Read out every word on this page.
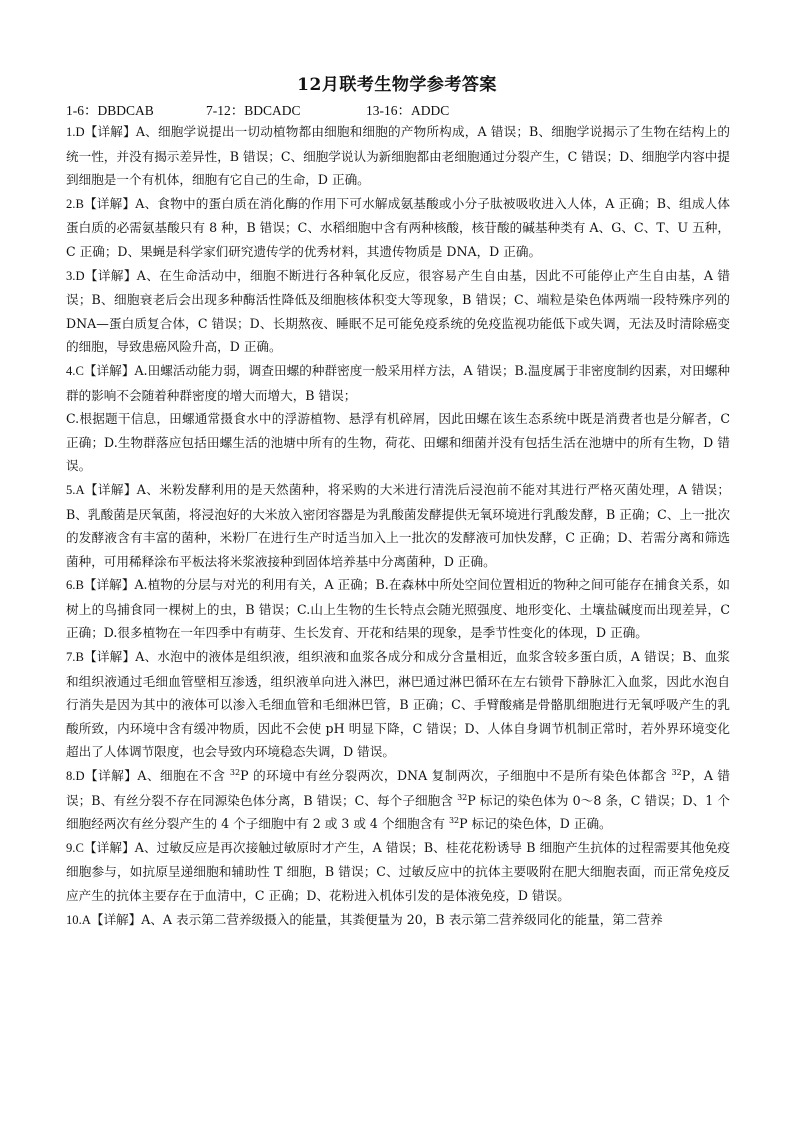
12月联考生物学参考答案
1-6：DBDCAB	7-12：BDCADC	13-16：ADDC

1.D【详解】A、细胞学说提出一切动植物都由细胞和细胞的产物所构成，A 错误；B、细胞学说揭示了生物在结构上的统一性，并没有揭示差异性，B 错误；C、细胞学说认为新细胞都由老细胞通过分裂产生，C 错误；D、细胞学内容中提到细胞是一个有机体，细胞有它自己的生命，D 正确。

2.B【详解】A、食物中的蛋白质在消化酶的作用下可水解成氨基酸或小分子肽被吸收进入人体，A 正确；B、组成人体蛋白质的必需氨基酸只有 8 种，B 错误；C、水稻细胞中含有两种核酸，核苷酸的碱基种类有 A、G、C、T、U 五种，C 正确；D、果蝇是科学家们研究遗传学的优秀材料，其遗传物质是 DNA，D 正确。

3.D【详解】A、在生命活动中，细胞不断进行各种氧化反应，很容易产生自由基，因此不可能停止产生自由基，A 错误；B、细胞衰老后会出现多种酶活性降低及细胞核体积变大等现象，B 错误；C、端粒是染色体两端一段特殊序列的 DNA—蛋白质复合体，C 错误；D、长期熬夜、睡眠不足可能免疫系统的免疫监视功能低下或失调，无法及时清除癌变的细胞，导致患癌风险升高，D 正确。

4.C【详解】A.田螺活动能力弱，调查田螺的种群密度一般采用样方法，A 错误；B.温度属于非密度制约因素，对田螺种群的影响不会随着种群密度的增大而增大，B 错误；

C.根据题干信息，田螺通常摄食水中的浮游植物、悬浮有机碎屑，因此田螺在该生态系统中既是消费者也是分解者，C 正确；D.生物群落应包括田螺生活的池塘中所有的生物，荷花、田螺和细菌并没有包括生活在池塘中的所有生物，D 错误。

5.A【详解】A、米粉发酵利用的是天然菌种，将采购的大米进行清洗后浸泡前不能对其进行严格灭菌处理，A 错误；B、乳酸菌是厌氧菌，将浸泡好的大米放入密闭容器是为乳酸菌发酵提供无氧环境进行乳酸发酵，B 正确；C、上一批次的发酵液含有丰富的菌种，米粉厂在进行生产时适当加入上一批次的发酵液可加快发酵，C 正确；D、若需分离和筛选菌种，可用稀释涂布平板法将米浆液接种到固体培养基中分离菌种，D 正确。

6.B【详解】A.植物的分层与对光的利用有关，A 正确；B.在森林中所处空间位置相近的物种之间可能存在捕食关系，如树上的鸟捕食同一棵树上的虫，B 错误；C.山上生物的生长特点会随光照强度、地形变化、土壤盐碱度而出现差异，C 正确；D.很多植物在一年四季中有萌芽、生长发育、开花和结果的现象，是季节性变化的体现，D 正确。

7.B【详解】A、水泡中的液体是组织液，组织液和血浆各成分和成分含量相近，血浆含较多蛋白质，A 错误；B、血浆和组织液通过毛细血管壁相互渗透，组织液单向进入淋巴，淋巴通过淋巴循环在左右锁骨下静脉汇入血浆，因此水泡自行消失是因为其中的液体可以渗入毛细血管和毛细淋巴管，B 正确；C、手臂酸痛是骨骼肌细胞进行无氧呼吸产生的乳酸所致，内环境中含有缓冲物质，因此不会使 pH 明显下降，C 错误；D、人体自身调节机制正常时，若外界环境变化超出了人体调节限度，也会导致内环境稳态失调，D 错误。

8.D【详解】A、细胞在不含 $^{32}$P 的环境中有丝分裂两次，DNA 复制两次，子细胞中不是所有染色体都含 $^{32}$P，A 错误；B、有丝分裂不存在同源染色体分离，B 错误；C、每个子细胞含 $^{32}$P 标记的染色体为 0～8 条，C 错误；D、1 个细胞经两次有丝分裂产生的 4 个子细胞中有 2 或 3 或 4 个细胞含有 $^{32}$P 标记的染色体，D 正确。

9.C【详解】A、过敏反应是再次接触过敏原时才产生，A 错误；B、桂花花粉诱导 B 细胞产生抗体的过程需要其他免疫细胞参与，如抗原呈递细胞和辅助性 T 细胞，B 错误；C、过敏反应中的抗体主要吸附在肥大细胞表面，而正常免疫反应产生的抗体主要存在于血清中，C 正确；D、花粉进入机体引发的是体液免疫，D 错误。

10.A【详解】A、A 表示第二营养级摄入的能量，其粪便量为 20，B 表示第二营养级同化的能量，第二营养
